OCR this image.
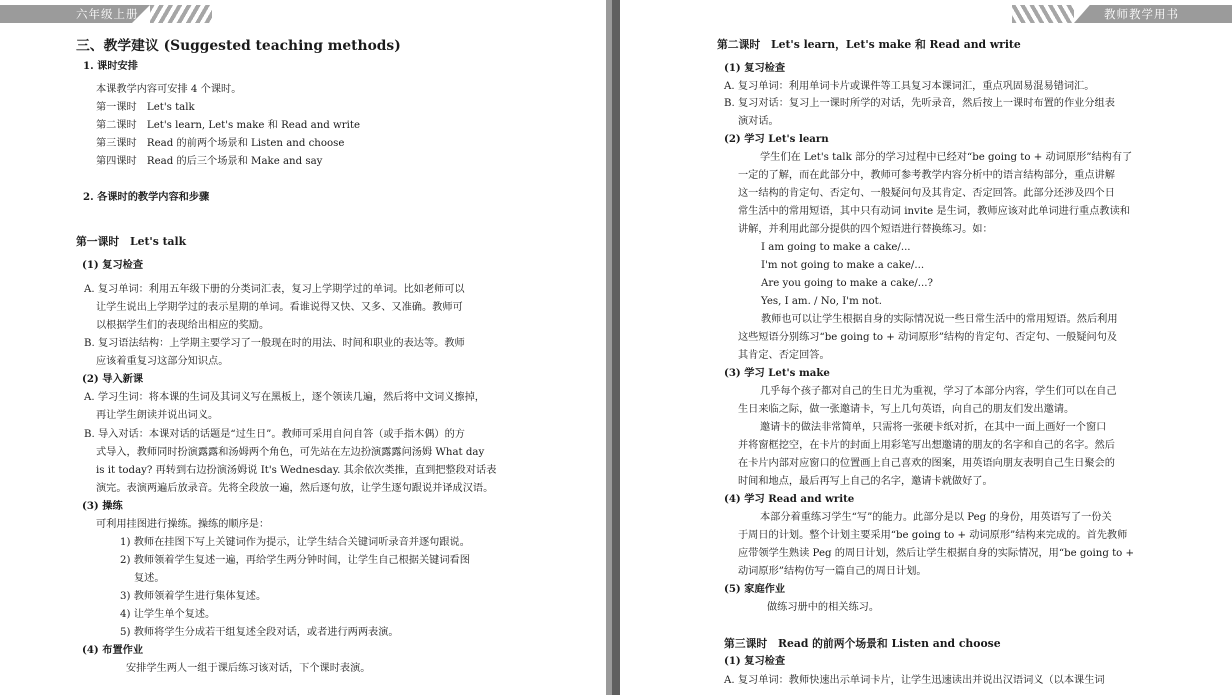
六年级上册
三、教学建议 (Suggested teaching methods)
1. 课时安排
本课教学内容可安排 4 个课时。
第一课时　Let's talk
第二课时　Let's learn, Let's make 和 Read and write
第三课时　Read 的前两个场景和 Listen and choose
第四课时　Read 的后三个场景和 Make and say
2. 各课时的教学内容和步骤
第一课时　Let's talk
(1) 复习检查
A. 复习单词：利用五年级下册的分类词汇表，复习上学期学过的单词。比如老师可以
让学生说出上学期学过的表示星期的单词。看谁说得又快、又多、又准确。教师可
以根据学生们的表现给出相应的奖励。
B. 复习语法结构：上学期主要学习了一般现在时的用法、时间和职业的表达等。教师
应该着重复习这部分知识点。
(2) 导入新课
A. 学习生词：将本课的生词及其词义写在黑板上，逐个领读几遍，然后将中文词义擦掉，
再让学生朗读并说出词义。
B. 导入对话：本课对话的话题是“过生日”。教师可采用自问自答（或手指木偶）的方
式导入，教师同时扮演露露和汤姆两个角色，可先站在左边扮演露露问汤姆 What day
is it today? 再转到右边扮演汤姆说 It's Wednesday. 其余依次类推，直到把整段对话表
演完。表演两遍后放录音。先将全段放一遍，然后逐句放，让学生逐句跟说并译成汉语。
(3) 操练
可利用挂图进行操练。操练的顺序是：
1) 教师在挂图下写上关键词作为提示，让学生结合关键词听录音并逐句跟说。
2) 教师领着学生复述一遍，再给学生两分钟时间，让学生自己根据关键词看图
复述。
3) 教师领着学生进行集体复述。
4) 让学生单个复述。
5) 教师将学生分成若干组复述全段对话，或者进行两两表演。
(4) 布置作业
安排学生两人一组于课后练习该对话，下个课时表演。
教师教学用书
第二课时　Let's learn，Let's make 和 Read and write
(1) 复习检查
A. 复习单词：利用单词卡片或课件等工具复习本课词汇，重点巩固易混易错词汇。
B. 复习对话：复习上一课时所学的对话，先听录音，然后按上一课时布置的作业分组表
演对话。
(2) 学习 Let's learn
学生们在 Let's talk 部分的学习过程中已经对“be going to + 动词原形”结构有了
一定的了解，而在此部分中，教师可参考教学内容分析中的语言结构部分，重点讲解
这一结构的肯定句、否定句、一般疑问句及其肯定、否定回答。此部分还涉及四个日
常生活中的常用短语，其中只有动词 invite 是生词，教师应该对此单词进行重点教读和
讲解，并利用此部分提供的四个短语进行替换练习。如：
I am going to make a cake/...
I'm not going to make a cake/...
Are you going to make a cake/...?
Yes, I am. / No, I'm not.
教师也可以让学生根据自身的实际情况说一些日常生活中的常用短语。然后利用
这些短语分别练习“be going to + 动词原形”结构的肯定句、否定句、一般疑问句及
其肯定、否定回答。
(3) 学习 Let's make
几乎每个孩子都对自己的生日尤为重视，学习了本部分内容，学生们可以在自己
生日来临之际，做一张邀请卡，写上几句英语，向自己的朋友们发出邀请。
邀请卡的做法非常简单，只需将一张硬卡纸对折，在其中一面上画好一个窗口
并将窗框挖空，在卡片的封面上用彩笔写出想邀请的朋友的名字和自己的名字。然后
在卡片内部对应窗口的位置画上自己喜欢的图案，用英语向朋友表明自己生日聚会的
时间和地点，最后再写上自己的名字，邀请卡就做好了。
(4) 学习 Read and write
本部分着重练习学生“写”的能力。此部分是以 Peg 的身份，用英语写了一份关
于周日的计划。整个计划主要采用“be going to + 动词原形”结构来完成的。首先教师
应带领学生熟读 Peg 的周日计划，然后让学生根据自身的实际情况，用“be going to +
动词原形”结构仿写一篇自己的周日计划。
(5) 家庭作业
做练习册中的相关练习。
第三课时　Read 的前两个场景和 Listen and choose
(1) 复习检查
A. 复习单词：教师快速出示单词卡片，让学生迅速读出并说出汉语词义（以本课生词
